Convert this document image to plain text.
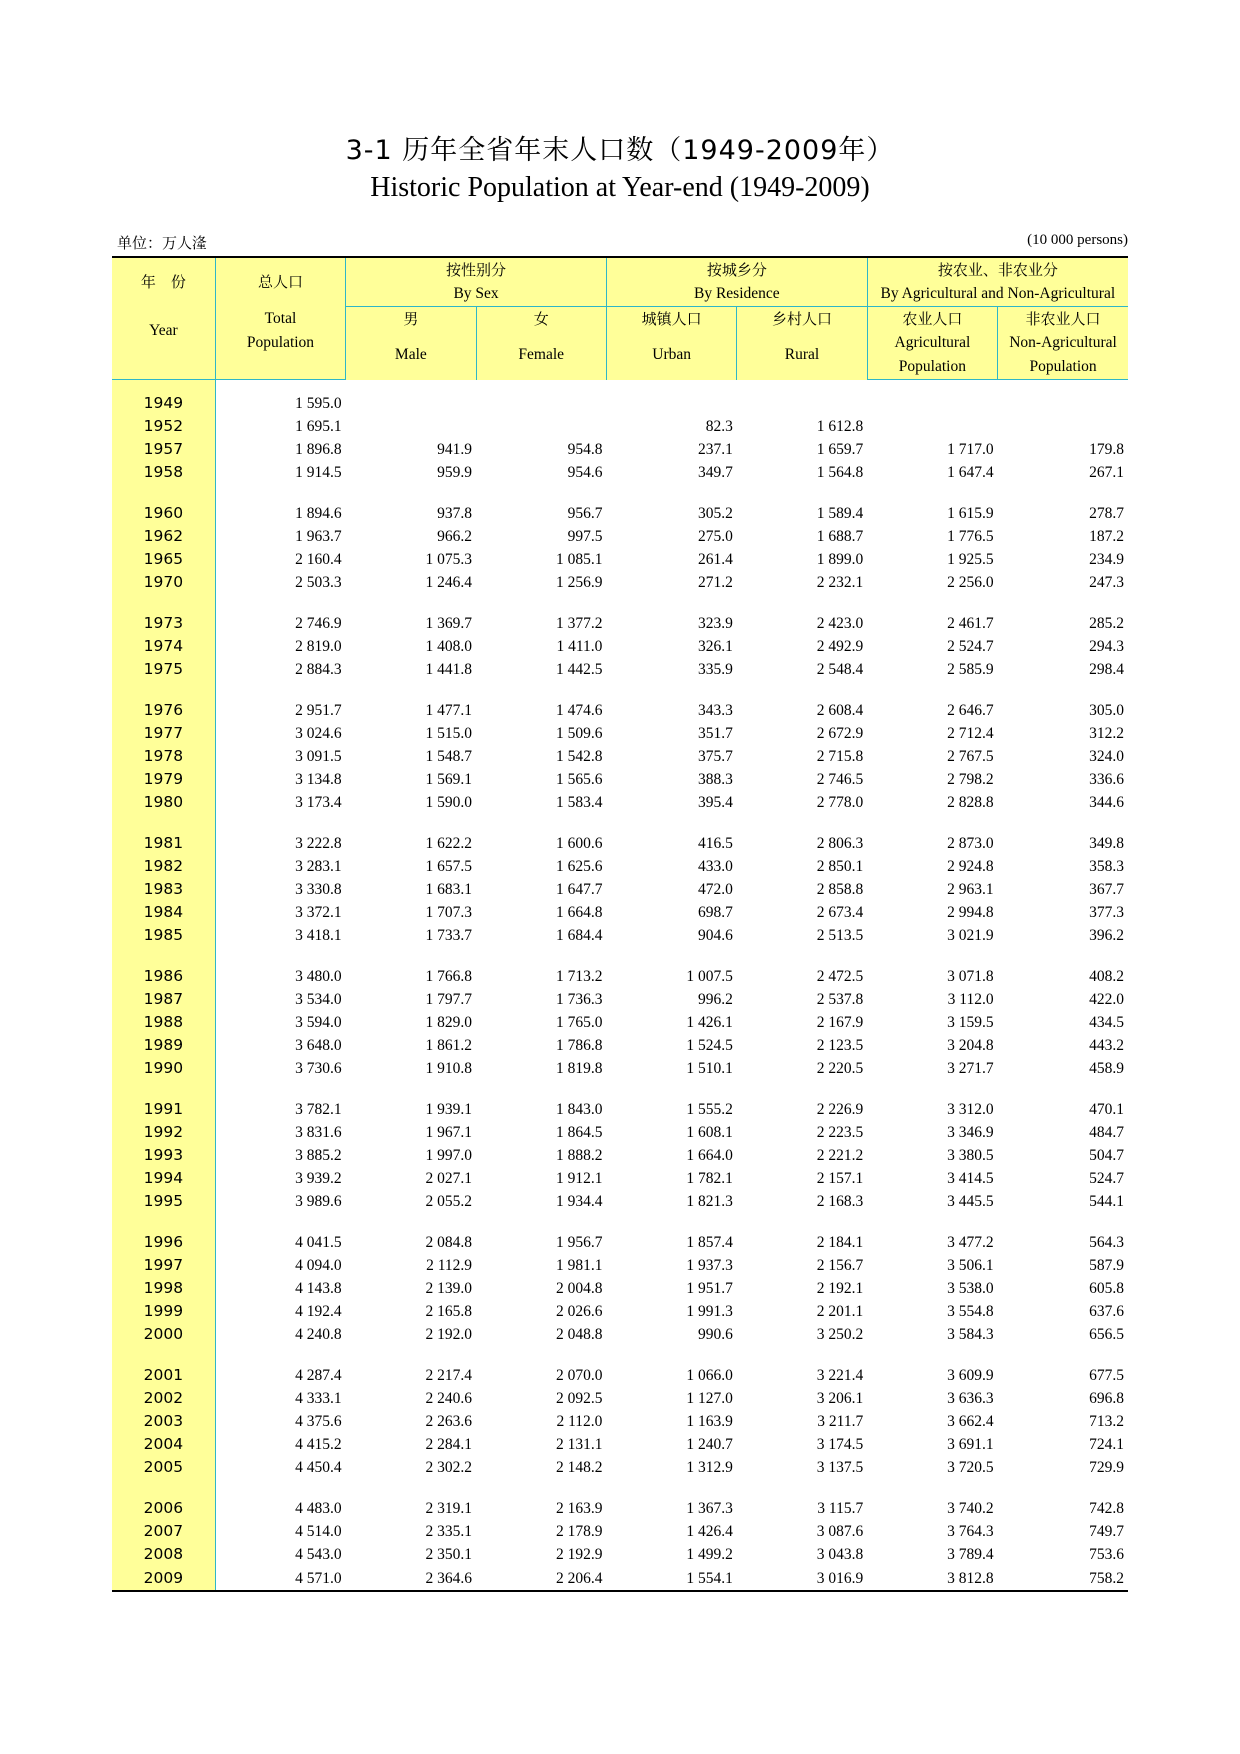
3-1 历年全省年末人口数（1949-2009年）
Historic Population at Year-end (1949-2009)
单位：万人湰	(10 000 persons)
年　份	总人口	按性别分		按城乡分		按农业、非农业分	
		By Sex		By Residence		By Agricultural and Non-Agricultural	
Year	Total	男	女	城镇人口	乡村人口	农业人口	非农业人口
	Population	Male	Female	Urban	Rural	Agricultural	Non-Agricultural
						Population	Population

1949	1 595.0						
1952	1 695.1			82.3	1 612.8		
1957	1 896.8	941.9	954.8	237.1	1 659.7	1 717.0	179.8
1958	1 914.5	959.9	954.6	349.7	1 564.8	1 647.4	267.1

1960	1 894.6	937.8	956.7	305.2	1 589.4	1 615.9	278.7
1962	1 963.7	966.2	997.5	275.0	1 688.7	1 776.5	187.2
1965	2 160.4	1 075.3	1 085.1	261.4	1 899.0	1 925.5	234.9
1970	2 503.3	1 246.4	1 256.9	271.2	2 232.1	2 256.0	247.3

1973	2 746.9	1 369.7	1 377.2	323.9	2 423.0	2 461.7	285.2
1974	2 819.0	1 408.0	1 411.0	326.1	2 492.9	2 524.7	294.3
1975	2 884.3	1 441.8	1 442.5	335.9	2 548.4	2 585.9	298.4

1976	2 951.7	1 477.1	1 474.6	343.3	2 608.4	2 646.7	305.0
1977	3 024.6	1 515.0	1 509.6	351.7	2 672.9	2 712.4	312.2
1978	3 091.5	1 548.7	1 542.8	375.7	2 715.8	2 767.5	324.0
1979	3 134.8	1 569.1	1 565.6	388.3	2 746.5	2 798.2	336.6
1980	3 173.4	1 590.0	1 583.4	395.4	2 778.0	2 828.8	344.6

1981	3 222.8	1 622.2	1 600.6	416.5	2 806.3	2 873.0	349.8
1982	3 283.1	1 657.5	1 625.6	433.0	2 850.1	2 924.8	358.3
1983	3 330.8	1 683.1	1 647.7	472.0	2 858.8	2 963.1	367.7
1984	3 372.1	1 707.3	1 664.8	698.7	2 673.4	2 994.8	377.3
1985	3 418.1	1 733.7	1 684.4	904.6	2 513.5	3 021.9	396.2

1986	3 480.0	1 766.8	1 713.2	1 007.5	2 472.5	3 071.8	408.2
1987	3 534.0	1 797.7	1 736.3	996.2	2 537.8	3 112.0	422.0
1988	3 594.0	1 829.0	1 765.0	1 426.1	2 167.9	3 159.5	434.5
1989	3 648.0	1 861.2	1 786.8	1 524.5	2 123.5	3 204.8	443.2
1990	3 730.6	1 910.8	1 819.8	1 510.1	2 220.5	3 271.7	458.9

1991	3 782.1	1 939.1	1 843.0	1 555.2	2 226.9	3 312.0	470.1
1992	3 831.6	1 967.1	1 864.5	1 608.1	2 223.5	3 346.9	484.7
1993	3 885.2	1 997.0	1 888.2	1 664.0	2 221.2	3 380.5	504.7
1994	3 939.2	2 027.1	1 912.1	1 782.1	2 157.1	3 414.5	524.7
1995	3 989.6	2 055.2	1 934.4	1 821.3	2 168.3	3 445.5	544.1

1996	4 041.5	2 084.8	1 956.7	1 857.4	2 184.1	3 477.2	564.3
1997	4 094.0	2 112.9	1 981.1	1 937.3	2 156.7	3 506.1	587.9
1998	4 143.8	2 139.0	2 004.8	1 951.7	2 192.1	3 538.0	605.8
1999	4 192.4	2 165.8	2 026.6	1 991.3	2 201.1	3 554.8	637.6
2000	4 240.8	2 192.0	2 048.8	990.6	3 250.2	3 584.3	656.5

2001	4 287.4	2 217.4	2 070.0	1 066.0	3 221.4	3 609.9	677.5
2002	4 333.1	2 240.6	2 092.5	1 127.0	3 206.1	3 636.3	696.8
2003	4 375.6	2 263.6	2 112.0	1 163.9	3 211.7	3 662.4	713.2
2004	4 415.2	2 284.1	2 131.1	1 240.7	3 174.5	3 691.1	724.1
2005	4 450.4	2 302.2	2 148.2	1 312.9	3 137.5	3 720.5	729.9

2006	4 483.0	2 319.1	2 163.9	1 367.3	3 115.7	3 740.2	742.8
2007	4 514.0	2 335.1	2 178.9	1 426.4	3 087.6	3 764.3	749.7
2008	4 543.0	2 350.1	2 192.9	1 499.2	3 043.8	3 789.4	753.6
2009	4 571.0	2 364.6	2 206.4	1 554.1	3 016.9	3 812.8	758.2
